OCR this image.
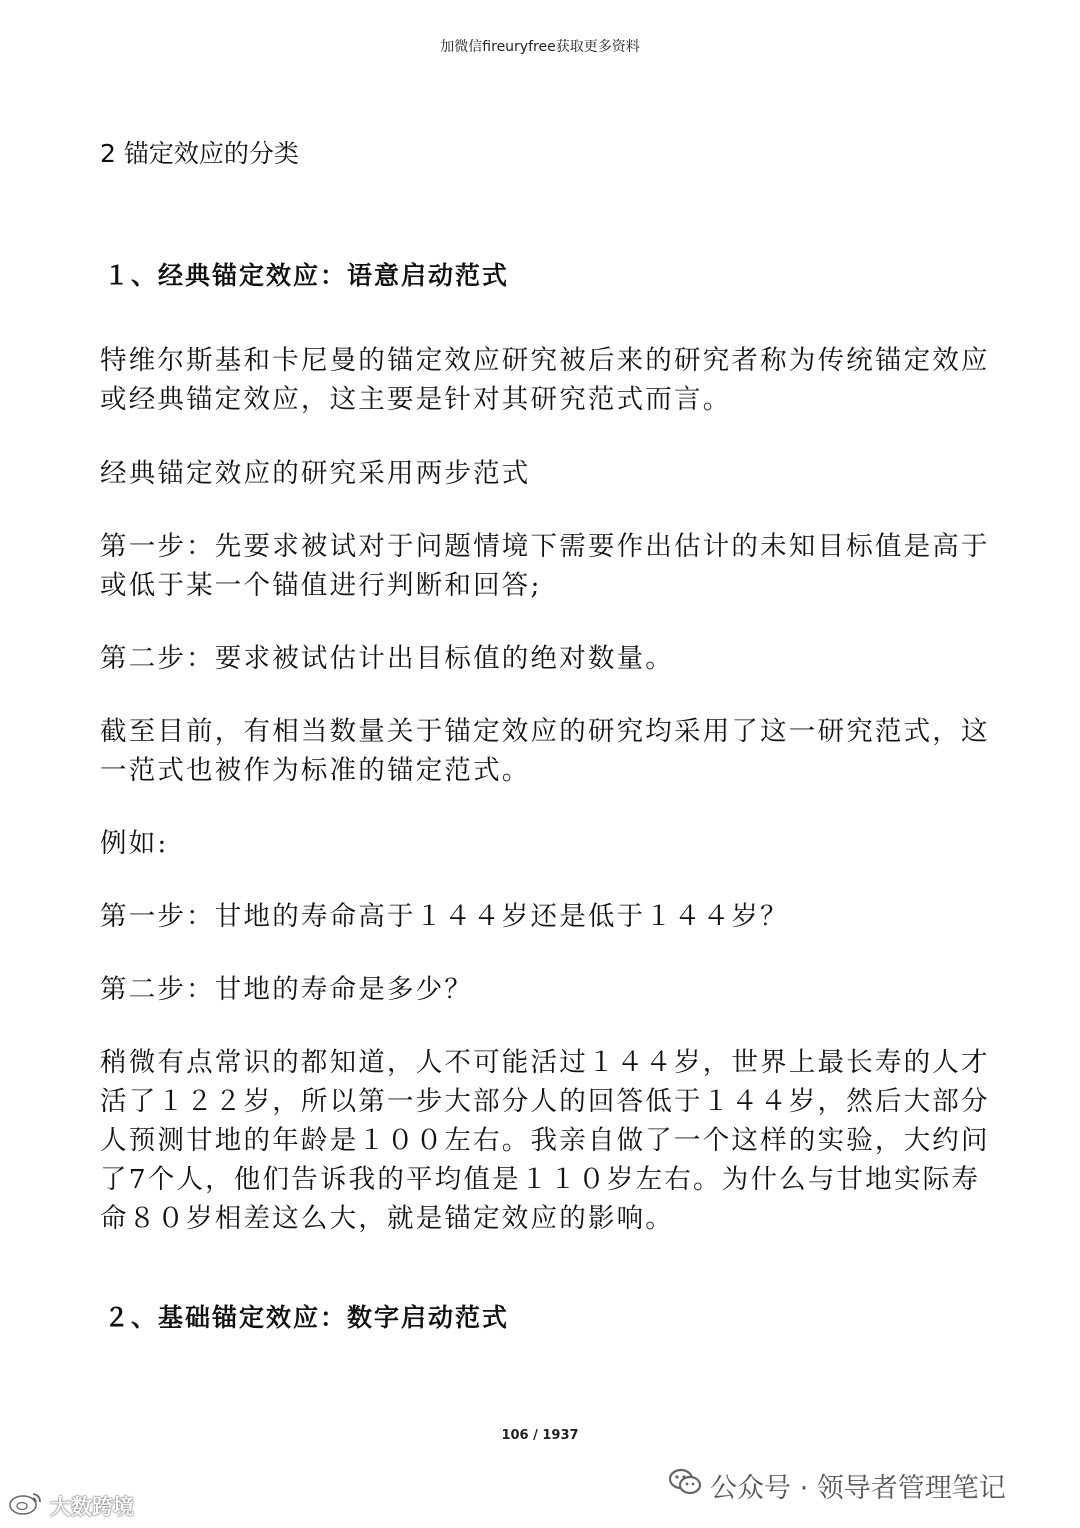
加微信fireuryfree获取更多资料
2 锚定效应的分类
１、经典锚定效应：语意启动范式

特维尔斯基和卡尼曼的锚定效应研究被后来的研究者称为传统锚定效应或经典锚定效应，这主要是针对其研究范式而言。

经典锚定效应的研究采用两步范式

第一步：先要求被试对于问题情境下需要作出估计的未知目标值是高于或低于某一个锚值进行判断和回答;

第二步：要求被试估计出目标值的绝对数量。

截至目前，有相当数量关于锚定效应的研究均采用了这一研究范式，这一范式也被作为标准的锚定范式。

例如:

第一步：甘地的寿命高于１４４岁还是低于１４４岁？

第二步：甘地的寿命是多少？

稍微有点常识的都知道，人不可能活过１４４岁，世界上最长寿的人才活了１２２岁，所以第一步大部分人的回答低于１４４岁，然后大部分人预测甘地的年龄是１００左右。我亲自做了一个这样的实验，大约问了7个人，他们告诉我的平均值是１１０岁左右。为什么与甘地实际寿命８０岁相差这么大，就是锚定效应的影响。

２、基础锚定效应：数字启动范式
106 / 1937
公众号 · 领导者管理笔记
大数跨境
